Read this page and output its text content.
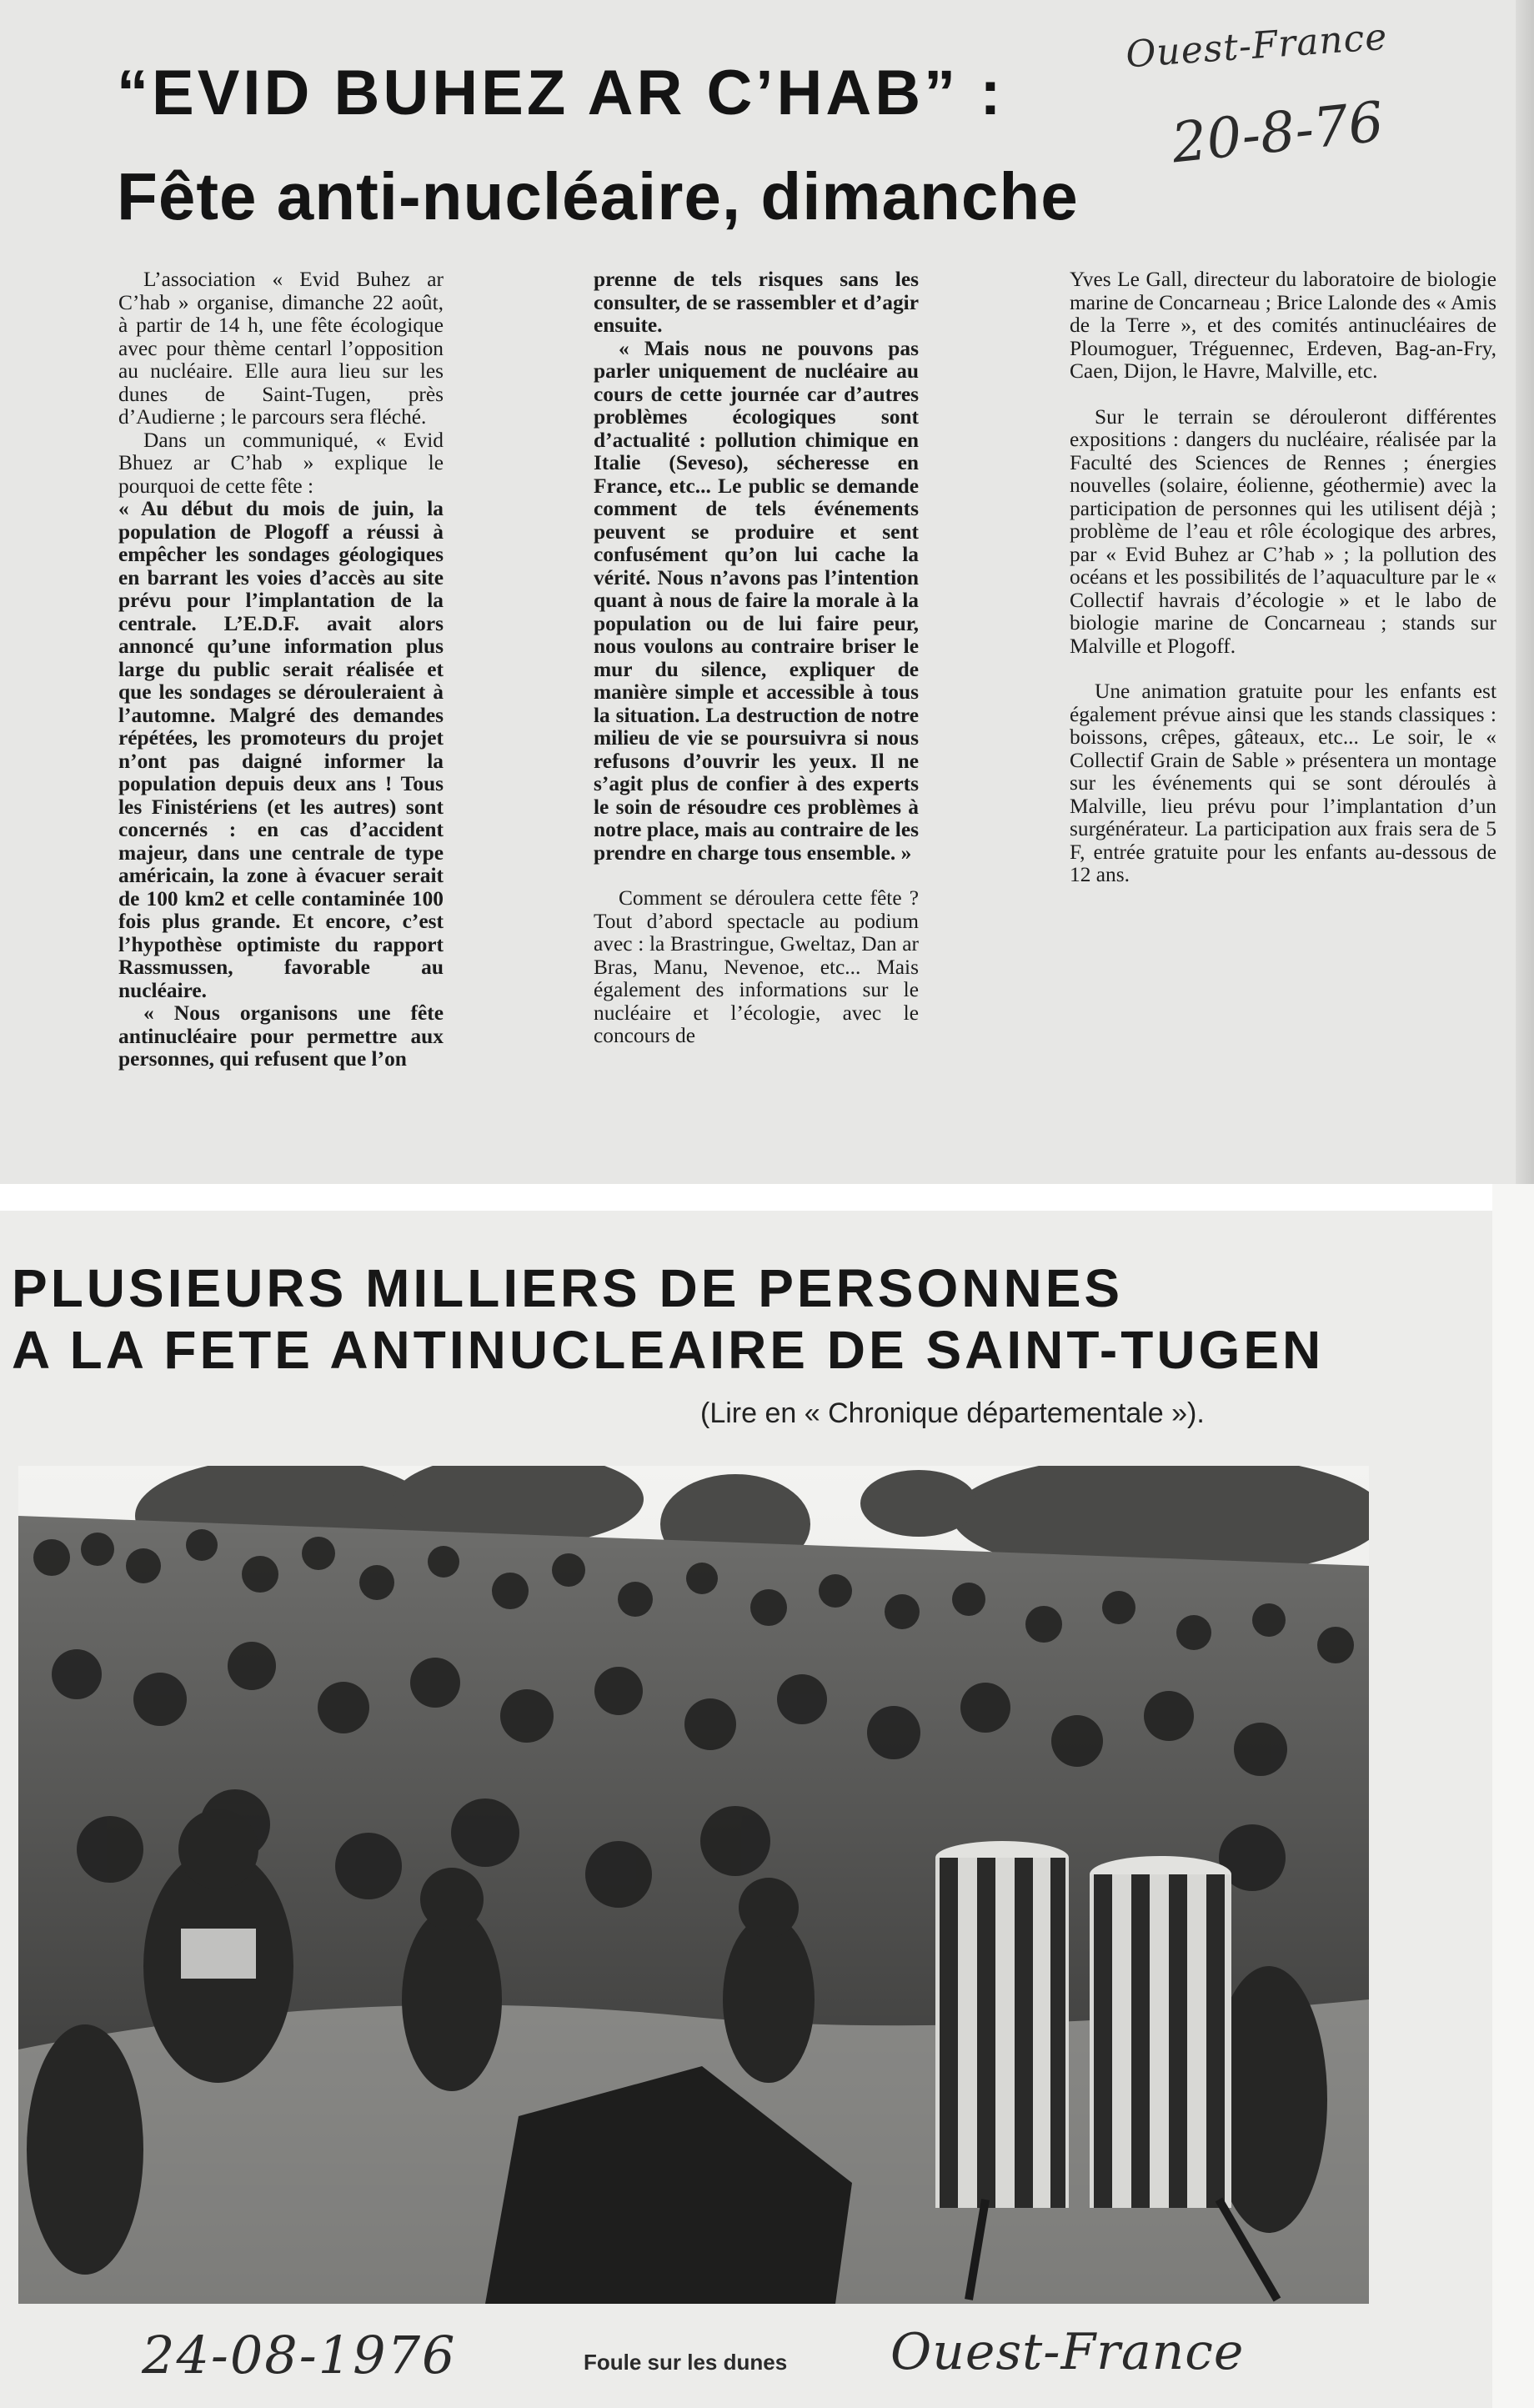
Ouest-France
20-8-76
“EVID BUHEZ AR C’HAB” :
Fête anti-nucléaire, dimanche

L’association « Evid Buhez ar C’hab » organise, dimanche 22 août, à partir de 14 h, une fête écologique avec pour thème centarl l’opposition au nucléaire. Elle aura lieu sur les dunes de Saint-Tugen, près d’Audierne ; le parcours sera fléché.

Dans un communiqué, « Evid Bhuez ar C’hab » explique le pourquoi de cette fête :

« Au début du mois de juin, la population de Plogoff a réussi à empêcher les sondages géologiques en barrant les voies d’accès au site prévu pour l’implantation de la centrale. L’E.D.F. avait alors annoncé qu’une information plus large du public serait réalisée et que les sondages se dérouleraient à l’automne. Malgré des demandes répétées, les promoteurs du projet n’ont pas daigné informer la population depuis deux ans ! Tous les Finistériens (et les autres) sont concernés : en cas d’accident majeur, dans une centrale de type américain, la zone à évacuer serait de 100 km2 et celle contaminée 100 fois plus grande. Et encore, c’est l’hypothèse optimiste du rapport Rassmussen, favorable au nucléaire.

« Nous organisons une fête antinucléaire pour permettre aux personnes, qui refusent que l’on

prenne de tels risques sans les consulter, de se rassembler et d’agir ensuite.

« Mais nous ne pouvons pas parler uniquement de nucléaire au cours de cette journée car d’autres problèmes écologiques sont d’actualité : pollution chimique en Italie (Seveso), sécheresse en France, etc... Le public se demande comment de tels événements peuvent se produire et sent confusément qu’on lui cache la vérité. Nous n’avons pas l’intention quant à nous de faire la morale à la population ou de lui faire peur, nous voulons au contraire briser le mur du silence, expliquer de manière simple et accessible à tous la situation. La destruction de notre milieu de vie se poursuivra si nous refusons d’ouvrir les yeux. Il ne s’agit plus de confier à des experts le soin de résoudre ces problèmes à notre place, mais au contraire de les prendre en charge tous ensemble. »

Comment se déroulera cette fête ? Tout d’abord spectacle au podium avec : la Brastringue, Gweltaz, Dan ar Bras, Manu, Nevenoe, etc... Mais également des informations sur le nucléaire et l’écologie, avec le concours de

Yves Le Gall, directeur du laboratoire de biologie marine de Concarneau ; Brice Lalonde des « Amis de la Terre », et des comités antinucléaires de Ploumoguer, Tréguennec, Erdeven, Bag-an-Fry, Caen, Dijon, le Havre, Malville, etc.

Sur le terrain se dérouleront différentes expositions : dangers du nucléaire, réalisée par la Faculté des Sciences de Rennes ; énergies nouvelles (solaire, éolienne, géothermie) avec la participation de personnes qui les utilisent déjà ; problème de l’eau et rôle écologique des arbres, par « Evid Buhez ar C’hab » ; la pollution des océans et les possibilités de l’aquaculture par le « Collectif havrais d’écologie » et le labo de biologie marine de Concarneau ; stands sur Malville et Plogoff.

Une animation gratuite pour les enfants est également prévue ainsi que les stands classiques : boissons, crêpes, gâteaux, etc... Le soir, le « Collectif Grain de Sable » présentera un montage sur les événements qui se sont déroulés à Malville, lieu prévu pour l’implantation d’un surgénérateur. La participation aux frais sera de 5 F, entrée gratuite pour les enfants au-dessous de 12 ans.

PLUSIEURS MILLIERS DE PERSONNES
A LA FETE ANTINUCLEAIRE DE SAINT-TUGEN
(Lire en « Chronique départementale »).
24-08-1976	Foule sur les dunes	Ouest-France
